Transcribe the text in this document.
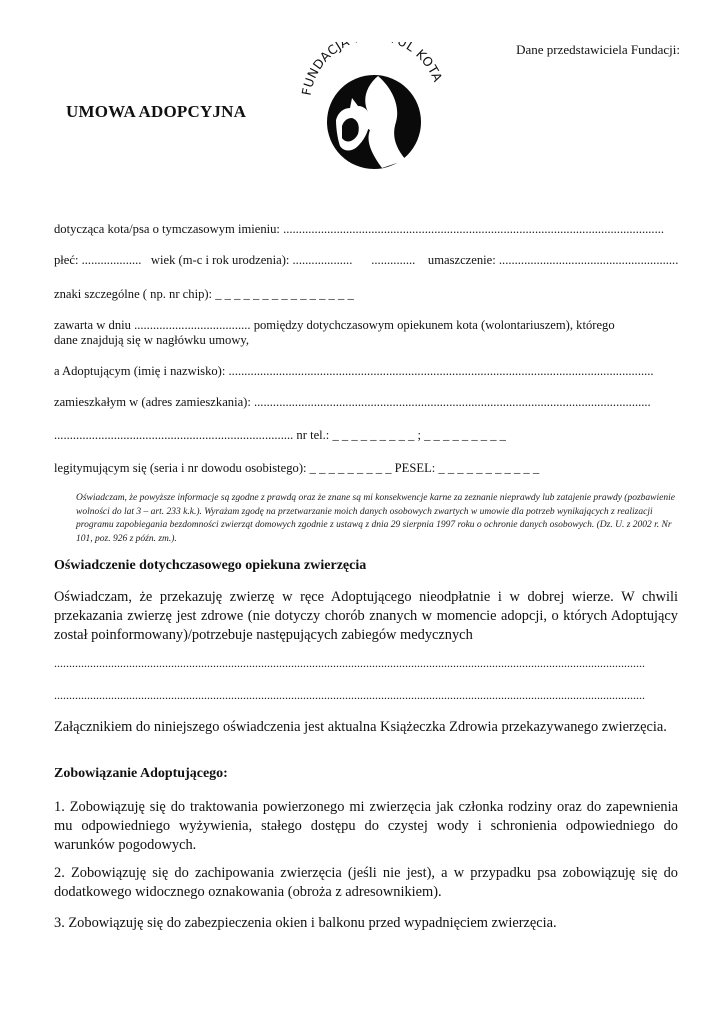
Dane przedstawiciela Fundacji:
UMOWA ADOPCYJNA
FUNDACJA L KOTA
dotycząca kota/psa o tymczasowym imieniu: .........................................................................................................................
płeć: ................... wiek (m-c i rok urodzenia): ................... .............. umaszczenie: .........................................................
znaki szczególne ( np. nr chip): _ _ _ _ _ _ _ _ _ _ _ _ _ _ _
zawarta w dniu ..................................... pomiędzy dotychczasowym opiekunem kota (wolontariuszem), którego
dane znajdują się w nagłówku umowy,
a Adoptującym (imię i nazwisko): .......................................................................................................................................
zamieszkałym w (adres zamieszkania): ..............................................................................................................................
............................................................................ nr tel.: _ _ _ _ _ _ _ _ _ ; _ _ _ _ _ _ _ _ _
legitymującym się (seria i nr dowodu osobistego): _ _ _ _ _ _ _ _ _ PESEL: _ _ _ _ _ _ _ _ _ _ _
Oświadczam, że powyższe informacje są zgodne z prawdą oraz że znane są mi konsekwencje karne za zeznanie nieprawdy lub zatajenie prawdy (pozbawienie wolności do lat 3 – art. 233 k.k.). Wyrażam zgodę na przetwarzanie moich danych osobowych zwartych w umowie dla potrzeb wynikających z realizacji programu zapobiegania bezdomności zwierząt domowych zgodnie z ustawą z dnia 29 sierpnia 1997 roku o ochronie danych osobowych. (Dz. U. z 2002 r. Nr 101, poz. 926 z późn. zm.).
Oświadczenie dotychczasowego opiekuna zwierzęcia
Oświadczam, że przekazuję zwierzę w ręce Adoptującego nieodpłatnie i w dobrej wierze. W chwili przekazania zwierzę jest zdrowe (nie dotyczy chorób znanych w momencie adopcji, o których Adoptujący został poinformowany)/potrzebuje następujących zabiegów medycznych
.....................................................................................................................................................................................................
.....................................................................................................................................................................................................
Załącznikiem do niniejszego oświadczenia jest aktualna Książeczka Zdrowia przekazywanego zwierzęcia.
Zobowiązanie Adoptującego:
1. Zobowiązuję się do traktowania powierzonego mi zwierzęcia jak członka rodziny oraz do zapewnienia mu odpowiedniego wyżywienia, stałego dostępu do czystej wody i schronienia odpowiedniego do warunków pogodowych.
2. Zobowiązuję się do zachipowania zwierzęcia (jeśli nie jest), a w przypadku psa zobowiązuję się do dodatkowego widocznego oznakowania (obroża z adresownikiem).
3. Zobowiązuję się do zabezpieczenia okien i balkonu przed wypadnięciem zwierzęcia.
